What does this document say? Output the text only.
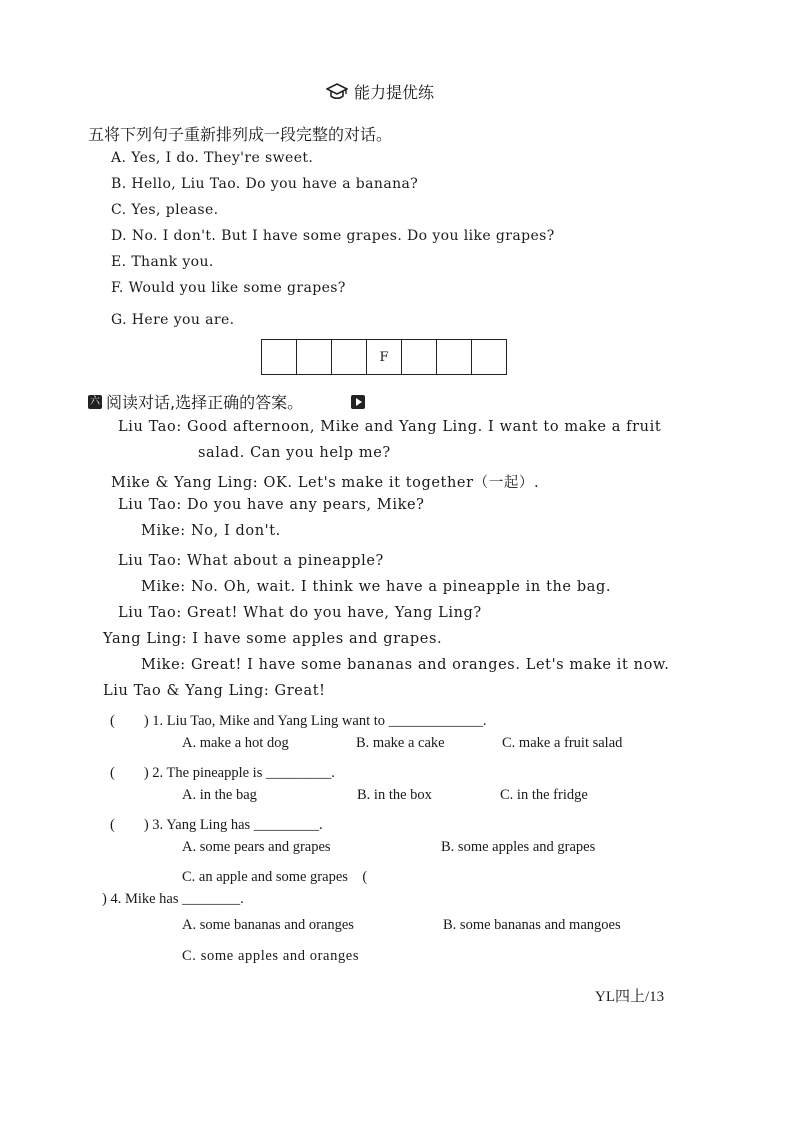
能力提优练
五将下列句子重新排列成一段完整的对话。
A. Yes, I do. They're sweet.
B. Hello, Liu Tao. Do you have a banana?
C. Yes, please.
D. No. I don't. But I have some grapes. Do you like grapes?
E. Thank you.
F. Would you like some grapes?
G. Here you are.
F
六 阅读对话,选择正确的答案。
Liu Tao: Good afternoon, Mike and Yang Ling. I want to make a fruit
salad. Can you help me?
Mike & Yang Ling: OK. Let's make it together（一起）.
Liu Tao: Do you have any pears, Mike?
Mike: No, I don't.
Liu Tao: What about a pineapple?
Mike: No. Oh, wait. I think we have a pineapple in the bag.
Liu Tao: Great! What do you have, Yang Ling?
Yang Ling: I have some apples and grapes.
Mike: Great! I have some bananas and oranges. Let's make it now.
Liu Tao & Yang Ling: Great!
(　　) 1. Liu Tao, Mike and Yang Ling want to _____________.
A. make a hot dog	B. make a cake	C. make a fruit salad
(　　) 2. The pineapple is _________.
A. in the bag	B. in the box	C. in the fridge
(　　) 3. Yang Ling has _________.
A. some pears and grapes	B. some apples and grapes
C. an apple and some grapes　(
) 4. Mike has ________.
A. some bananas and oranges	B. some bananas and mangoes
C. some apples and oranges
YL四上/13
